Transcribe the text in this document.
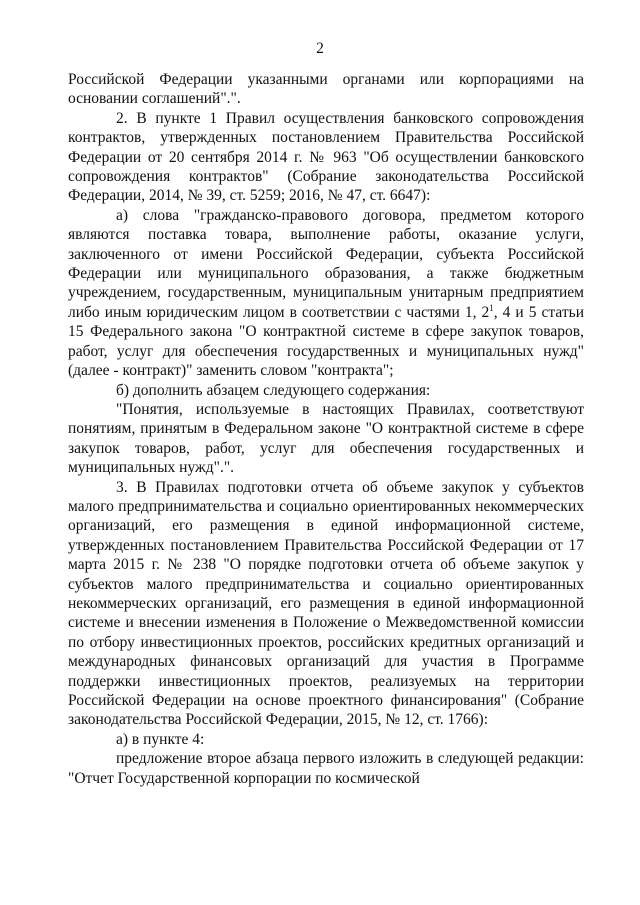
2

Российской Федерации указанными органами или корпорациями на основании соглашений".".

2. В пункте 1 Правил осуществления банковского сопровождения контрактов, утвержденных постановлением Правительства Российской Федерации от 20 сентября 2014 г. № 963 "Об осуществлении банковского сопровождения контрактов" (Собрание законодательства Российской Федерации, 2014, № 39, ст. 5259; 2016, № 47, ст. 6647):

а) слова "гражданско-правового договора, предметом которого являются поставка товара, выполнение работы, оказание услуги, заключенного от имени Российской Федерации, субъекта Российской Федерации или муниципального образования, а также бюджетным учреждением, государственным, муниципальным унитарным предприятием либо иным юридическим лицом в соответствии с частями 1, $2^1$, 4 и 5 статьи 15 Федерального закона "О контрактной системе в сфере закупок товаров, работ, услуг для обеспечения государственных и муниципальных нужд" (далее - контракт)" заменить словом "контракта";

б) дополнить абзацем следующего содержания:

"Понятия, используемые в настоящих Правилах, соответствуют понятиям, принятым в Федеральном законе "О контрактной системе в сфере закупок товаров, работ, услуг для обеспечения государственных и муниципальных нужд".".

3. В Правилах подготовки отчета об объеме закупок у субъектов малого предпринимательства и социально ориентированных некоммерческих организаций, его размещения в единой информационной системе, утвержденных постановлением Правительства Российской Федерации от 17 марта 2015 г. № 238 "О порядке подготовки отчета об объеме закупок у субъектов малого предпринимательства и социально ориентированных некоммерческих организаций, его размещения в единой информационной системе и внесении изменения в Положение о Межведомственной комиссии по отбору инвестиционных проектов, российских кредитных организаций и международных финансовых организаций для участия в Программе поддержки инвестиционных проектов, реализуемых на территории Российской Федерации на основе проектного финансирования" (Собрание законодательства Российской Федерации, 2015, № 12, ст. 1766):

а) в пункте 4:

предложение второе абзаца первого изложить в следующей редакции: "Отчет Государственной корпорации по космической
